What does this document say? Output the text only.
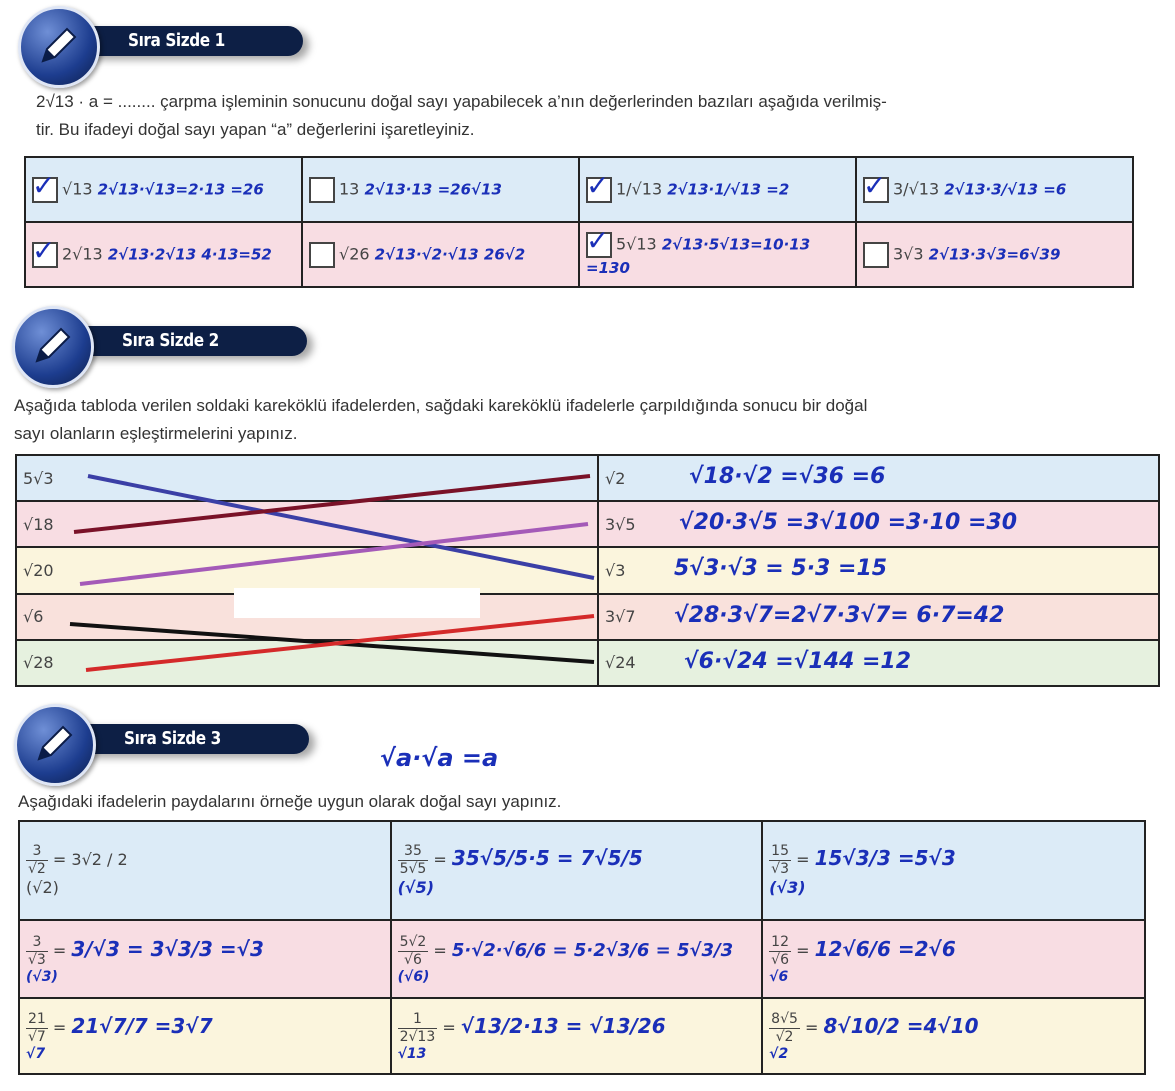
Sıra Sizde 1
2√13 · a = ........ çarpma işleminin sonucunu doğal sayı yapabilecek a’nın değerlerinden bazıları aşağıda verilmiş-
tir. Bu ifadeyi doğal sayı yapan “a” değerlerini işaretleyiniz.
✓ √13 2√13·√13=2·13 =26	13 2√13·13 =26√13	✓ 1/√13 2√13·1/√13 =2	✓ 3/√13 2√13·3/√13 =6

✓ 2√13 2√13·2√13 4·13=52	√26 2√13·√2·√13 26√2	✓ 5√13 2√13·5√13=10·13 =130	3√3 2√13·3√3=6√39
Sıra Sizde 2
Aşağıda tabloda verilen soldaki kareköklü ifadelerden, sağdaki kareköklü ifadelerle çarpıldığında sonucu bir doğal
sayı olanların eşleştirmelerini yapınız.
5√3	√2 √18·√2 =√36 =6

√18	3√5 √20·3√5 =3√100 =3·10 =30

√20	√3 5√3·√3 = 5·3 =15

√6	3√7 √28·3√7=2√7·3√7= 6·7=42

√28	√24 √6·√24 =√144 =12
Sıra Sizde 3
√a·√a =a
Aşağıdaki ifadelerin paydalarını örneğe uygun olarak doğal sayı yapınız.
$\frac{3}{√2} = 3√2 / 2$
(√2)	$\frac{35}{5√5} = 35√5/5\cdot 5 = 7√5/5$
(√5)	$\frac{15}{√3} = 15√3/3 =5√3$
(√3)

$\frac{3}{√3} = 3/√3 = 3√3/3 =√3$
(√3)	$\frac{5√2}{√6} = 5\cdot√2\cdot√6/6 = 5\cdot 2√3/6 = 5√3/3$
(√6)	$\frac{12}{√6} = 12√6/6 =2√6$
√6

$\frac{21}{√7} = 21√7/7 =3√7$
√7	$\frac{1}{2√13} = √13/2\cdot 13 = √13/26$
√13	$\frac{8√5}{√2} = 8√10/2 =4√10$
√2
